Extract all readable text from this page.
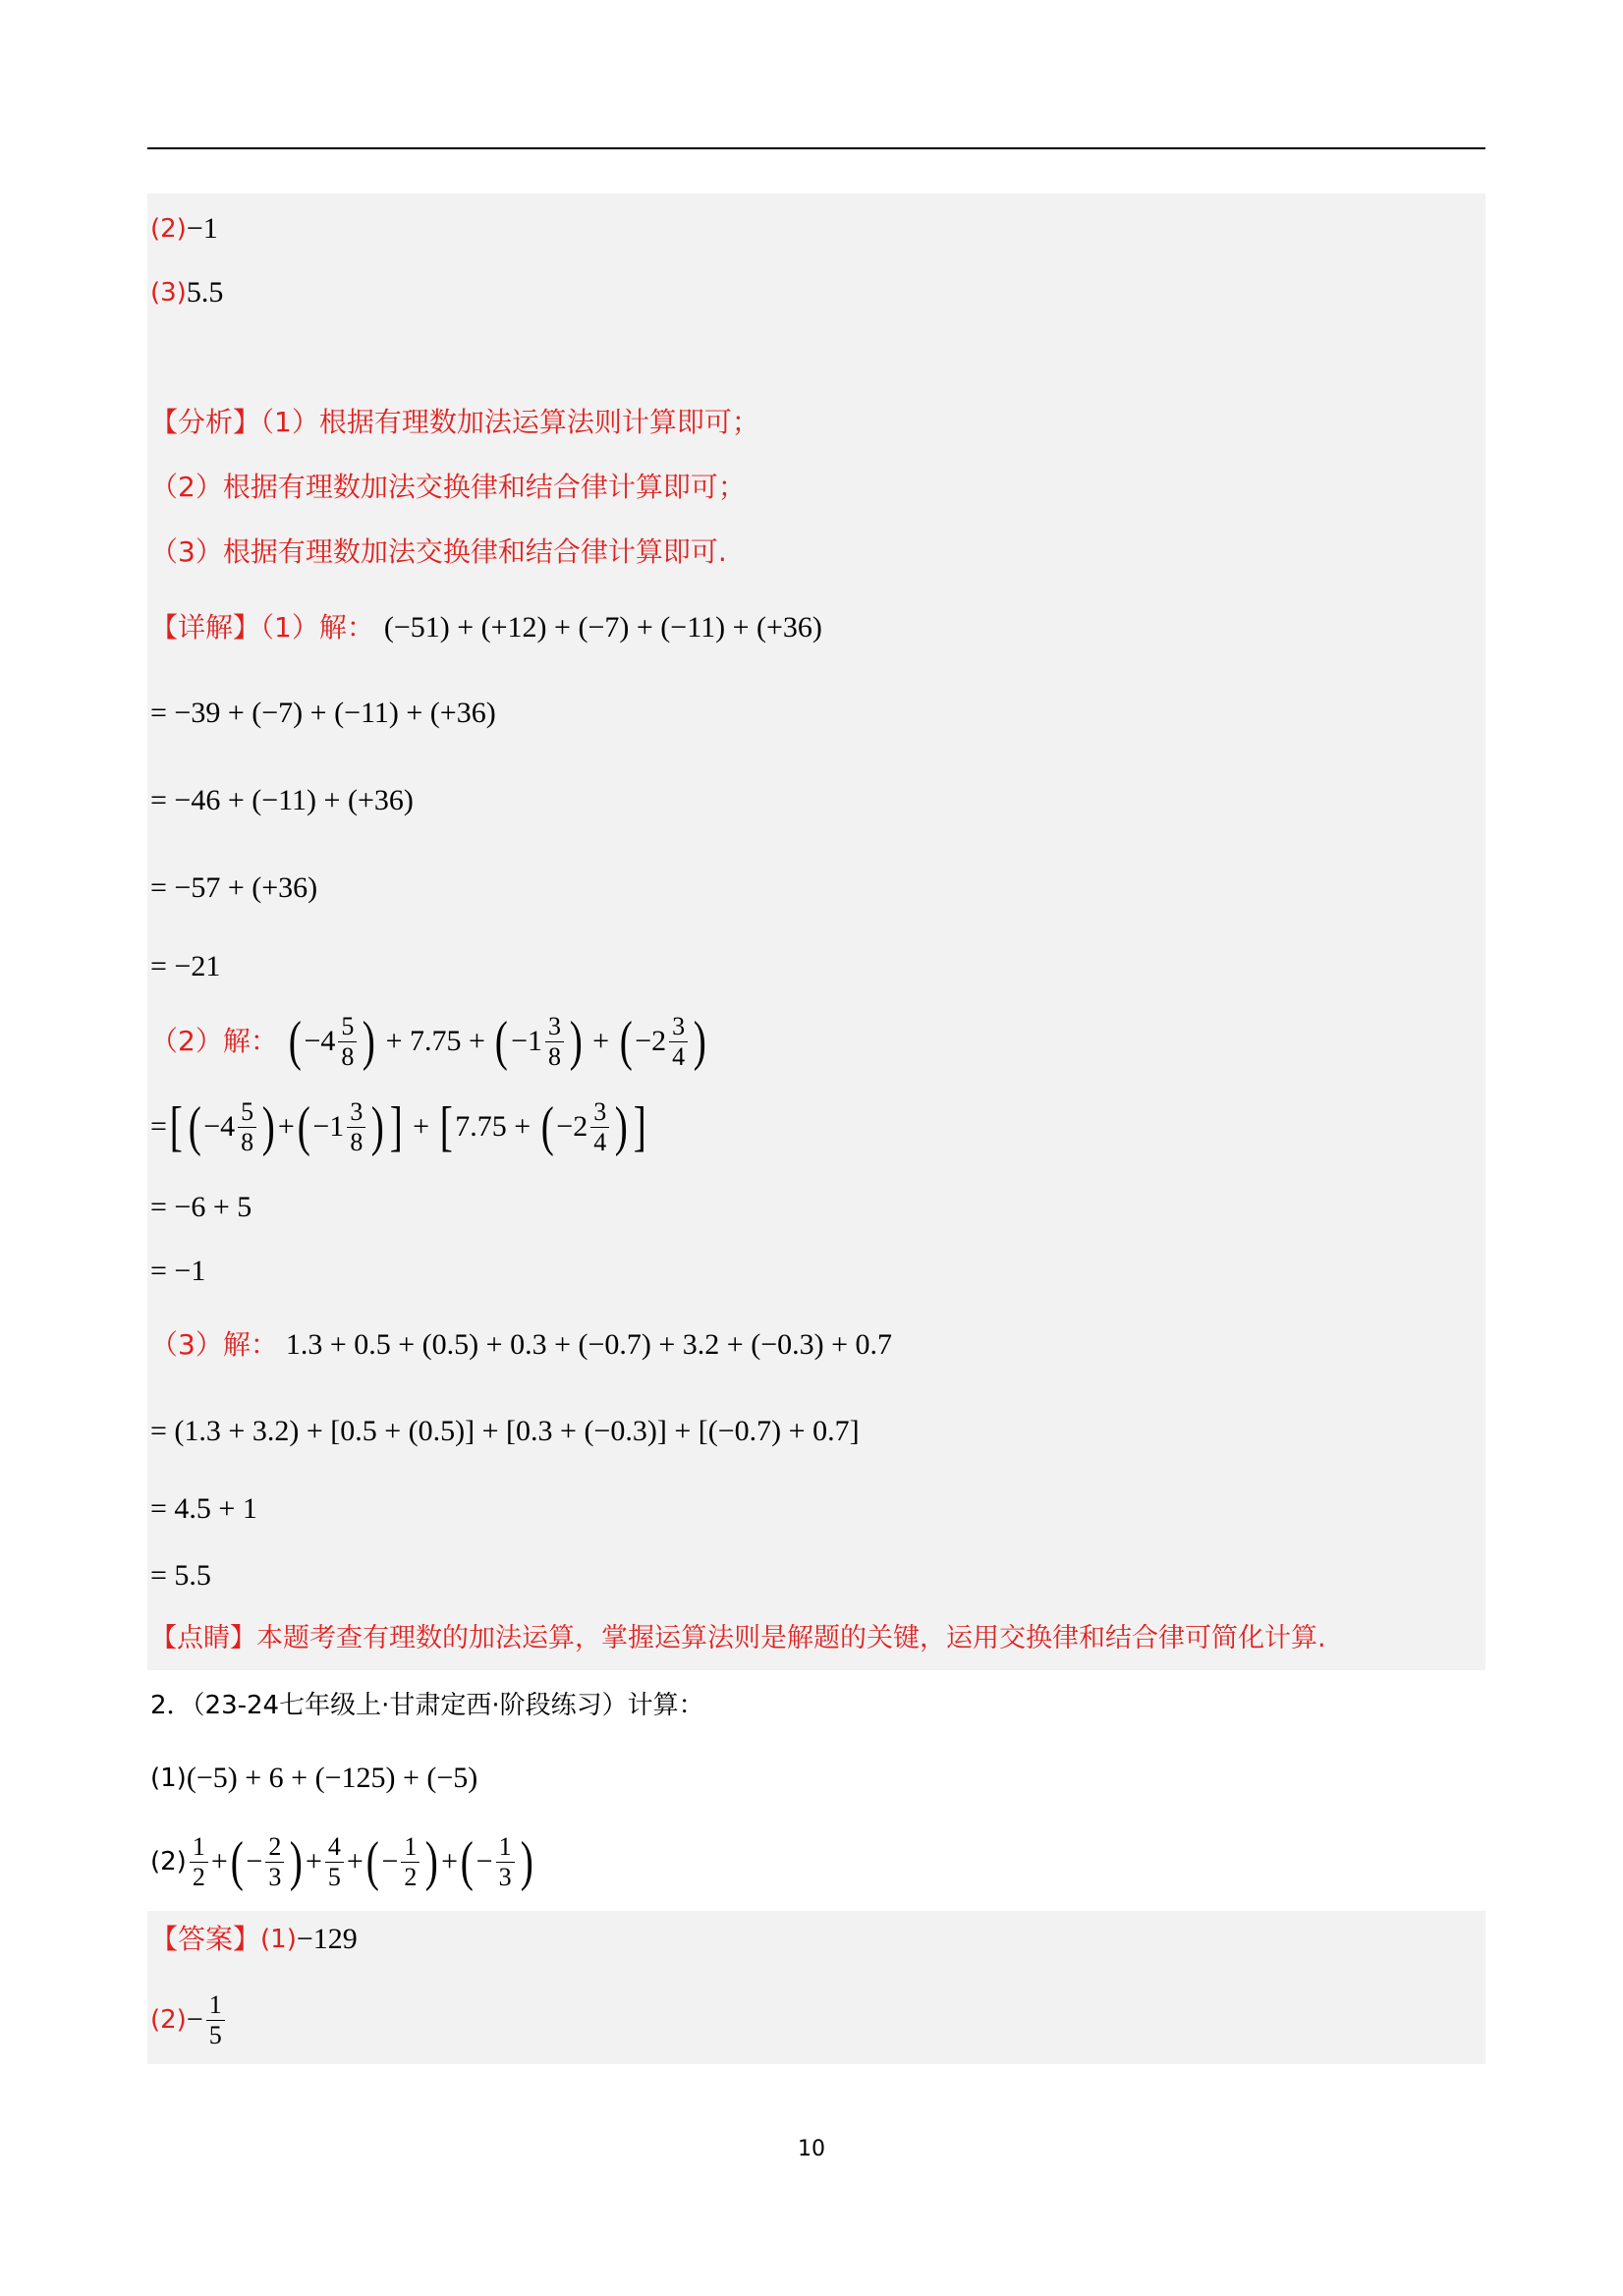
(2) −1
(3) 5.5
【分析】（1）根据有理数加法运算法则计算即可；
（2）根据有理数加法交换律和结合律计算即可；
（3）根据有理数加法交换律和结合律计算即可.
【详解】（1）解： (−51) + (+12) + (−7) + (−11) + (+36)
= −39 + (−7) + (−11) + (+36)
= −46 + (−11) + (+36)
= −57 + (+36)
= −21
（2）解： ( $-4 \frac{5}{8}$ ) + 7.75 + ( $-1 \frac{3}{8}$ ) + ( $-2 \frac{3}{4}$ )
= [ ( $-4 \frac{5}{8}$ ) + ( $-1 \frac{3}{8}$ ) ] + [ 7.75 + ( $-2 \frac{3}{4}$ ) ]
= −6 + 5
= −1
（3）解： 1.3 + 0.5 + (0.5) + 0.3 + (−0.7) + 3.2 + (−0.3) + 0.7
= (1.3 + 3.2) + [0.5 + (0.5)] + [0.3 + (−0.3)] + [(−0.7) + 0.7]
= 4.5 + 1
= 5.5
【点睛】本题考查有理数的加法运算，掌握运算法则是解题的关键，运用交换律和结合律可简化计算.
2．（23-24七年级上·甘肃定西·阶段练习）计算：
(1) (−5) + 6 + (−125) + (−5)
$(2) \frac{1}{2}$ + ( − $\frac{2}{3}$ ) + $\frac{4}{5}$ + ( − $\frac{1}{2}$ ) + ( − $\frac{1}{3}$ )
【答案】 (1) −129
$(2) - \frac{1}{5}$
10
